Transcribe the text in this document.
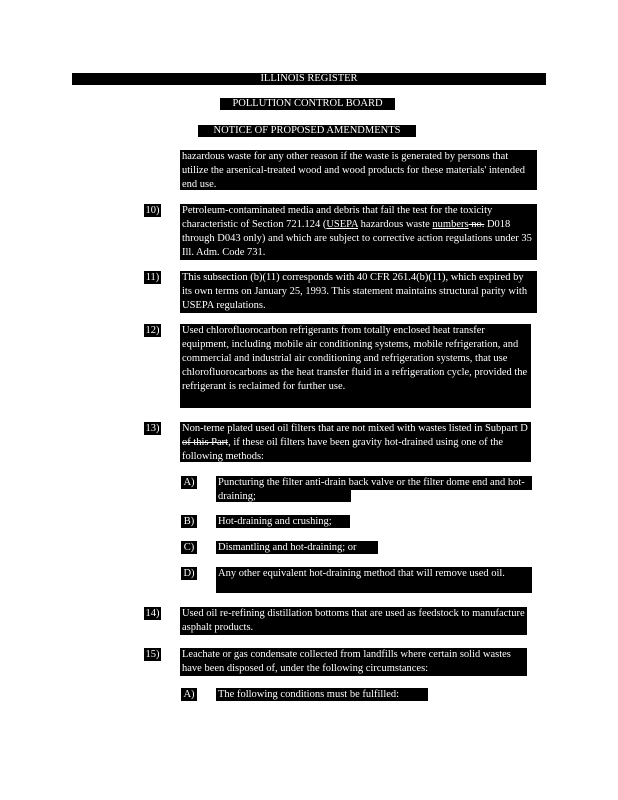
ILLINOIS REGISTER
POLLUTION CONTROL BOARD
NOTICE OF PROPOSED AMENDMENTS
hazardous waste for any other reason if the waste is generated by persons that utilize the arsenical-treated wood and wood products for these materials' intended end use.
10) Petroleum-contaminated media and debris that fail the test for the toxicity characteristic of Section 721.124 (USEPA hazardous waste numbers no. D018 through D043 only) and which are subject to corrective action regulations under 35 Ill. Adm. Code 731.
11) This subsection (b)(11) corresponds with 40 CFR 261.4(b)(11), which expired by its own terms on January 25, 1993. This statement maintains structural parity with USEPA regulations.
12) Used chlorofluorocarbon refrigerants from totally enclosed heat transfer equipment, including mobile air conditioning systems, mobile refrigeration, and commercial and industrial air conditioning and refrigeration systems, that use chlorofluorocarbons as the heat transfer fluid in a refrigeration cycle, provided the refrigerant is reclaimed for further use.
13) Non-terne plated used oil filters that are not mixed with wastes listed in Subpart D of this Part, if these oil filters have been gravity hot-drained using one of the following methods:
A) Puncturing the filter anti-drain back valve or the filter dome end and hot-draining;
B) Hot-draining and crushing;
C) Dismantling and hot-draining; or
D) Any other equivalent hot-draining method that will remove used oil.
14) Used oil re-refining distillation bottoms that are used as feedstock to manufacture asphalt products.
15) Leachate or gas condensate collected from landfills where certain solid wastes have been disposed of, under the following circumstances:
A) The following conditions must be fulfilled:
